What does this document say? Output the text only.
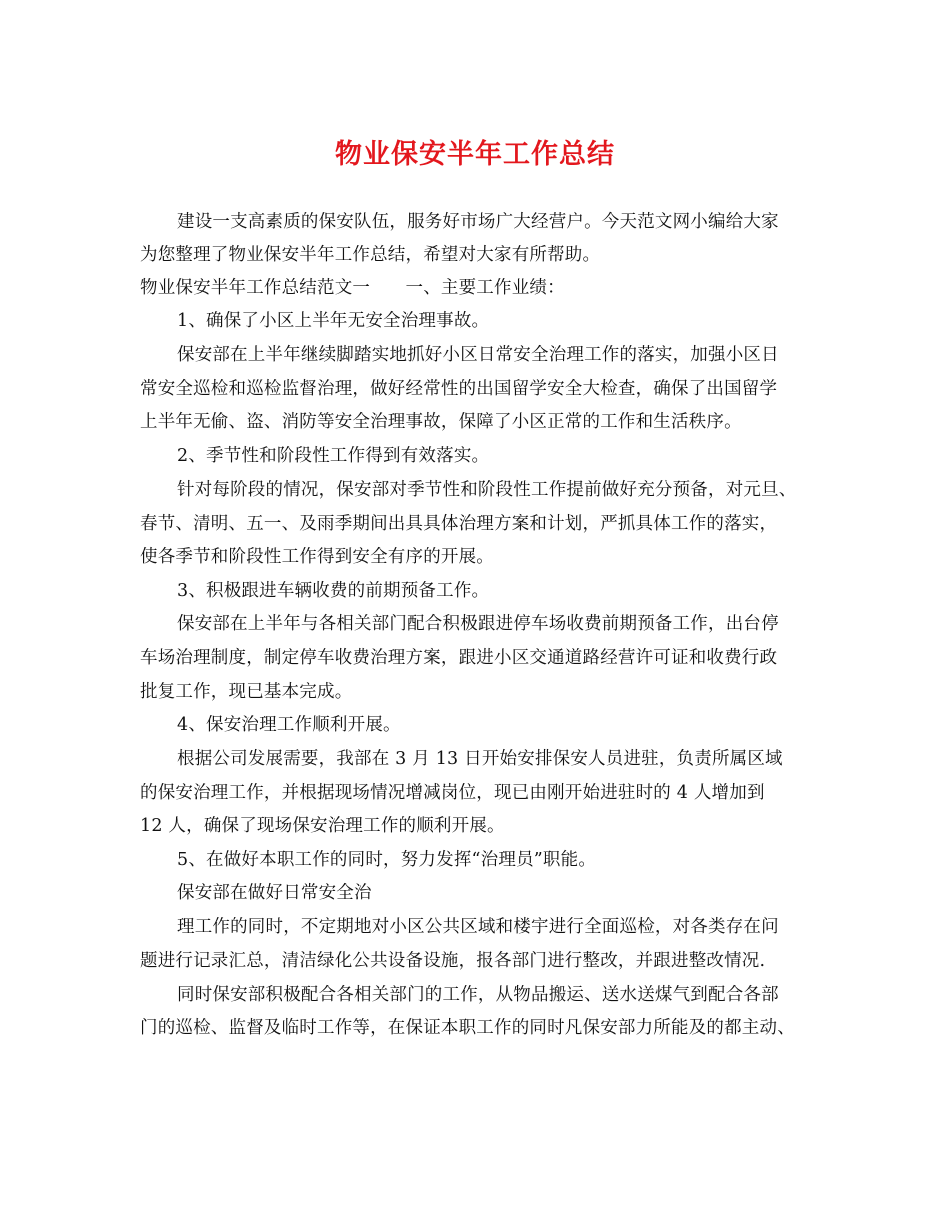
物业保安半年工作总结
建设一支高素质的保安队伍，服务好市场广大经营户。今天范文网小编给大家
为您整理了物业保安半年工作总结，希望对大家有所帮助。
物业保安半年工作总结范文一　　一、主要工作业绩：
1、确保了小区上半年无安全治理事故。
保安部在上半年继续脚踏实地抓好小区日常安全治理工作的落实，加强小区日
常安全巡检和巡检监督治理，做好经常性的出国留学安全大检查，确保了出国留学
上半年无偷、盗、消防等安全治理事故，保障了小区正常的工作和生活秩序。
2、季节性和阶段性工作得到有效落实。
针对每阶段的情况，保安部对季节性和阶段性工作提前做好充分预备，对元旦、
春节、清明、五一、及雨季期间出具具体治理方案和计划，严抓具体工作的落实，
使各季节和阶段性工作得到安全有序的开展。
3、积极跟进车辆收费的前期预备工作。
保安部在上半年与各相关部门配合积极跟进停车场收费前期预备工作，出台停
车场治理制度，制定停车收费治理方案，跟进小区交通道路经营许可证和收费行政
批复工作，现已基本完成。
4、保安治理工作顺利开展。
根据公司发展需要，我部在 3 月 13 日开始安排保安人员进驻，负责所属区域
的保安治理工作，并根据现场情况增减岗位，现已由刚开始进驻时的 4 人增加到
12 人，确保了现场保安治理工作的顺利开展。
5、在做好本职工作的同时，努力发挥“治理员”职能。
保安部在做好日常安全治
理工作的同时，不定期地对小区公共区域和楼宇进行全面巡检，对各类存在问
题进行记录汇总，清洁绿化公共设备设施，报各部门进行整改，并跟进整改情况.
同时保安部积极配合各相关部门的工作，从物品搬运、送水送煤气到配合各部
门的巡检、监督及临时工作等，在保证本职工作的同时凡保安部力所能及的都主动、
